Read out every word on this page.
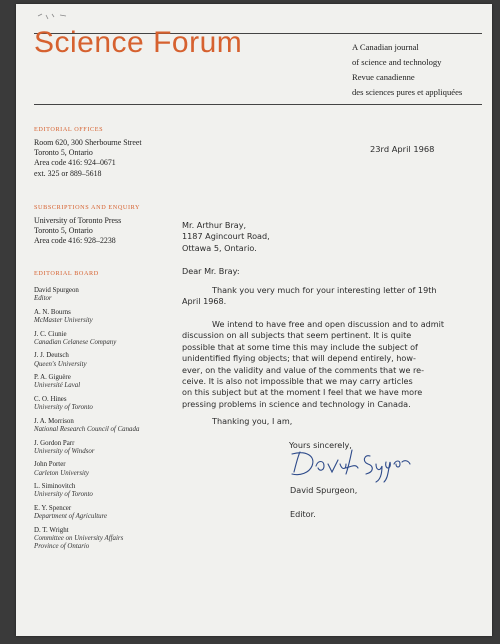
Science Forum	A Canadian journal
of science and technology
Revue canadienne
des sciences pures et appliquées
EDITORIAL OFFICES
Room 620, 300 Sherbourne Street
Toronto 5, Ontario
Area code 416: 924–0671
ext. 325 or 889–5618
SUBSCRIPTIONS AND ENQUIRY
University of Toronto Press
Toronto 5, Ontario
Area code 416: 928–2238
EDITORIAL BOARD
David Spurgeon
Editor
A. N. Bourns
McMaster University
J. C. Ciunie
Canadian Celanese Company
J. J. Deutsch
Queen's University
P. A. Giguère
Université Laval
C. O. Hines
University of Toronto
J. A. Morrison
National Research Council of Canada
J. Gordon Parr
University of Windsor
John Porter
Carleton University
L. Siminovitch
University of Toronto
E. Y. Spencer
Department of Agriculture
D. T. Wright
Committee on University Affairs
Province of Ontario
23rd April 1968
Mr. Arthur Bray,
1187 Agincourt Road,
Ottawa 5, Ontario.
Dear Mr. Bray:
Thank you very much for your interesting letter of 19th
April 1968.
We intend to have free and open discussion and to admit
discussion on all subjects that seem pertinent. It is quite
possible that at some time this may include the subject of
unidentified flying objects; that will depend entirely, how-
ever, on the validity and value of the comments that we re-
ceive. It is also not impossible that we may carry articles
on this subject but at the moment I feel that we have more
pressing problems in science and technology in Canada.
Thanking you, I am,
Yours sincerely,
David Spurgeon,
Editor.
